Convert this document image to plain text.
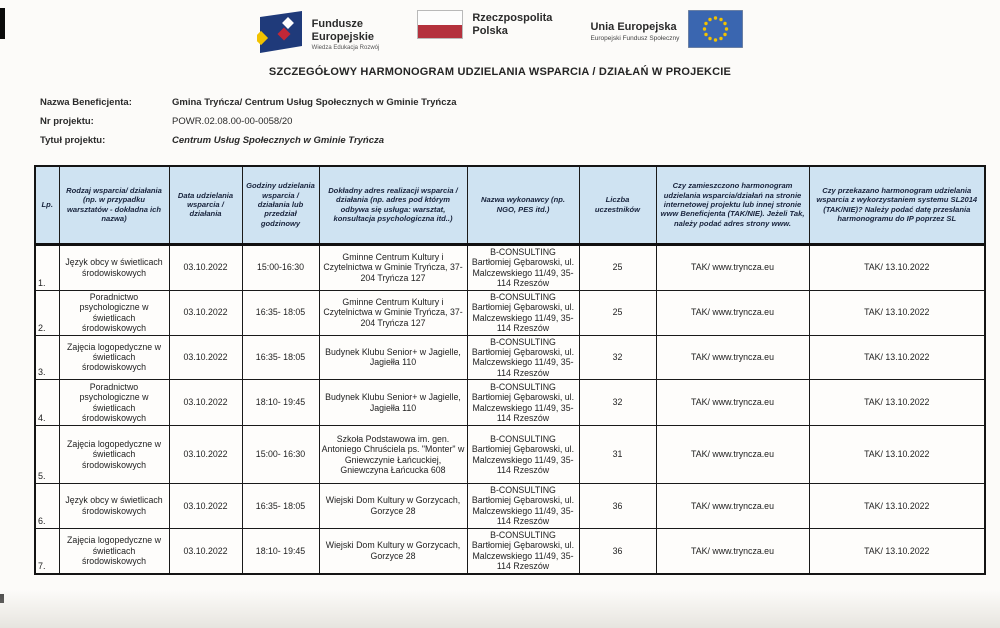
Fundusze
Europejskie
Wiedza Edukacja Rozwój
Rzeczpospolita
Polska	Unia Europejska
Europejski Fundusz Społeczny
SZCZEGÓŁOWY HARMONOGRAM UDZIELANIA WSPARCIA / DZIAŁAŃ W PROJEKCIE
Nazwa Beneficjenta:	Gmina Tryńcza/ Centrum Usług Społecznych w Gminie Tryńcza
Nr projektu:	POWR.02.08.00-00-0058/20
Tytuł projektu:	Centrum Usług Społecznych w Gminie Tryńcza
Lp.	Rodzaj wsparcia/ działania (np. w przypadku warsztatów - dokładna ich nazwa)	Data udzielania wsparcia / działania	Godziny udzielania wsparcia / działania lub przedział godzinowy	Dokładny adres realizacji wsparcia / działania (np. adres pod którym odbywa się usługa: warsztat, konsultacja psychologiczna itd..)	Nazwa wykonawcy (np. NGO, PES itd.)	Liczba uczestników	Czy zamieszczono harmonogram udzielania wsparcia/działań na stronie internetowej projektu lub innej stronie www Beneficjenta (TAK/NIE). Jeżeli Tak, należy podać adres strony www.	Czy przekazano harmonogram udzielania wsparcia z wykorzystaniem systemu SL2014 (TAK/NIE)? Należy podać datę przesłania harmonogramu do IP poprzez SL
1.	Język obcy w świetlicach środowiskowych	03.10.2022	15:00-16:30	Gminne Centrum Kultury i Czytelnictwa w Gminie Tryńcza, 37-204 Tryńcza 127	B-CONSULTING Bartłomiej Gębarowski, ul. Malczewskiego 11/49, 35-114 Rzeszów	25	TAK/ www.tryncza.eu	TAK/ 13.10.2022
2.	Poradnictwo psychologiczne w świetlicach środowiskowych	03.10.2022	16:35- 18:05	Gminne Centrum Kultury i Czytelnictwa w Gminie Tryńcza, 37-204 Tryńcza 127	B-CONSULTING Bartłomiej Gębarowski, ul. Malczewskiego 11/49, 35-114 Rzeszów	25	TAK/ www.tryncza.eu	TAK/ 13.10.2022
3.	Zajęcia logopedyczne w świetlicach środowiskowych	03.10.2022	16:35- 18:05	Budynek Klubu Senior+ w Jagielle, Jagiełła 110	B-CONSULTING Bartłomiej Gębarowski, ul. Malczewskiego 11/49, 35-114 Rzeszów	32	TAK/ www.tryncza.eu	TAK/ 13.10.2022
4.	Poradnictwo psychologiczne w świetlicach środowiskowych	03.10.2022	18:10- 19:45	Budynek Klubu Senior+ w Jagielle, Jagiełła 110	B-CONSULTING Bartłomiej Gębarowski, ul. Malczewskiego 11/49, 35-114 Rzeszów	32	TAK/ www.tryncza.eu	TAK/ 13.10.2022
5.	Zajęcia logopedyczne w świetlicach środowiskowych	03.10.2022	15:00- 16:30	Szkoła Podstawowa im. gen. Antoniego Chruściela ps. "Monter" w Gniewczynie Łańcuckiej, Gniewczyna Łańcucka 608	B-CONSULTING Bartłomiej Gębarowski, ul. Malczewskiego 11/49, 35-114 Rzeszów	31	TAK/ www.tryncza.eu	TAK/ 13.10.2022
6.	Język obcy w świetlicach środowiskowych	03.10.2022	16:35- 18:05	Wiejski Dom Kultury w Gorzycach, Gorzyce 28	B-CONSULTING Bartłomiej Gębarowski, ul. Malczewskiego 11/49, 35-114 Rzeszów	36	TAK/ www.tryncza.eu	TAK/ 13.10.2022
7.	Zajęcia logopedyczne w świetlicach środowiskowych	03.10.2022	18:10- 19:45	Wiejski Dom Kultury w Gorzycach, Gorzyce 28	B-CONSULTING Bartłomiej Gębarowski, ul. Malczewskiego 11/49, 35-114 Rzeszów	36	TAK/ www.tryncza.eu	TAK/ 13.10.2022
